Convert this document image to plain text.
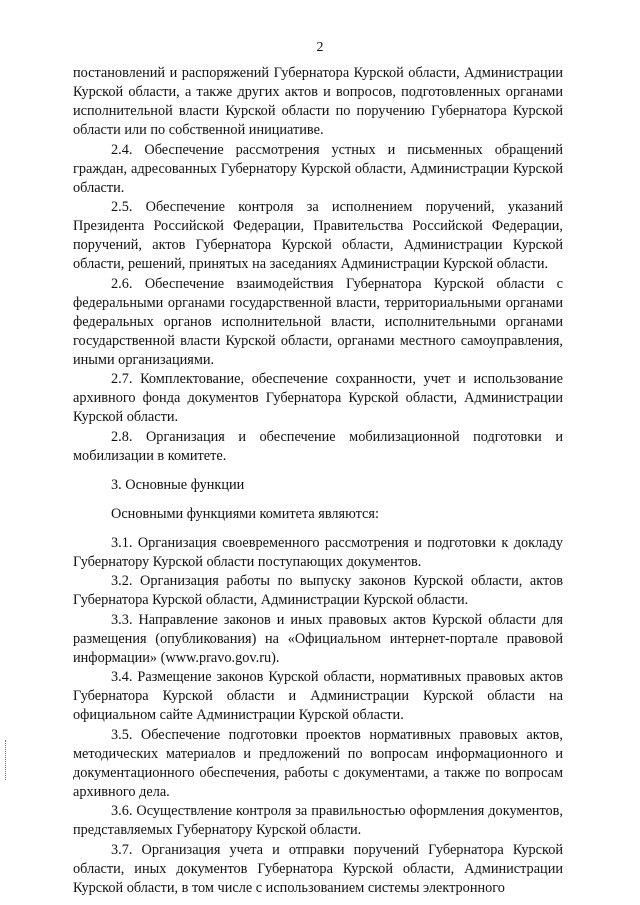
2

постановлений и распоряжений Губернатора Курской области, Администрации Курской области, а также других актов и вопросов, подготовленных органами исполнительной власти Курской области по поручению Губернатора Курской области или по собственной инициативе.

2.4. Обеспечение рассмотрения устных и письменных обращений граждан, адресованных Губернатору Курской области, Администрации Курской области.

2.5. Обеспечение контроля за исполнением поручений, указаний Президента Российской Федерации, Правительства Российской Федерации, поручений, актов Губернатора Курской области, Администрации Курской области, решений, принятых на заседаниях Администрации Курской области.

2.6. Обеспечение взаимодействия Губернатора Курской области с федеральными органами государственной власти, территориальными органами федеральных органов исполнительной власти, исполнительными органами государственной власти Курской области, органами местного самоуправления, иными организациями.

2.7. Комплектование, обеспечение сохранности, учет и использование архивного фонда документов Губернатора Курской области, Администрации Курской области.

2.8. Организация и обеспечение мобилизационной подготовки и мобилизации в комитете.

3. Основные функции

Основными функциями комитета являются:

3.1. Организация своевременного рассмотрения и подготовки к докладу Губернатору Курской области поступающих документов.

3.2. Организация работы по выпуску законов Курской области, актов Губернатора Курской области, Администрации Курской области.

3.3. Направление законов и иных правовых актов Курской области для размещения (опубликования) на «Официальном интернет-портале правовой информации» (www.pravo.gov.ru).

3.4. Размещение законов Курской области, нормативных правовых актов Губернатора Курской области и Администрации Курской области на официальном сайте Администрации Курской области.

3.5. Обеспечение подготовки проектов нормативных правовых актов, методических материалов и предложений по вопросам информационного и документационного обеспечения, работы с документами, а также по вопросам архивного дела.

3.6. Осуществление контроля за правильностью оформления документов, представляемых Губернатору Курской области.

3.7. Организация учета и отправки поручений Губернатора Курской области, иных документов Губернатора Курской области, Администрации Курской области, в том числе с использованием системы электронного
